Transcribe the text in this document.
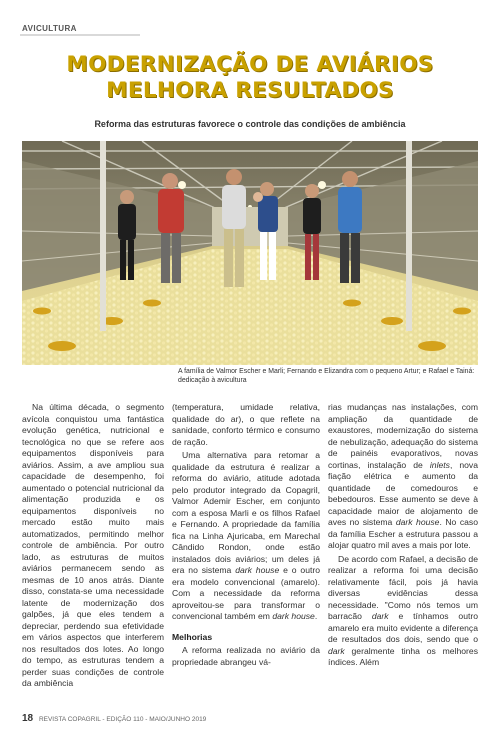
AVICULTURA
MODERNIZAÇÃO DE AVIÁRIOS
MELHORA RESULTADOS
Reforma das estruturas favorece o controle das condições de ambiência
A família de Valmor Escher e Marli; Fernando e Elizandra com o pequeno Artur; e Rafael e Tainá: dedicação à avicultura

Na última década, o segmento avícola conquistou uma fantástica evolução genética, nutricional e tecnológica no que se refere aos equipamentos disponíveis para aviários. Assim, a ave ampliou sua capacidade de desempenho, foi aumentado o potencial nutricional da alimentação produzida e os equipamentos disponíveis no mercado estão muito mais automatizados, permitindo melhor controle de ambiência. Por outro lado, as estruturas de muitos aviários permanecem sendo as mesmas de 10 anos atrás. Diante disso, constata-se uma necessidade latente de modernização dos galpões, já que eles tendem a depreciar, perdendo sua efetividade em vários aspectos que interferem nos resultados dos lotes. Ao longo do tempo, as estruturas tendem a perder suas condições de controle da ambiência

(temperatura, umidade relativa, qualidade do ar), o que reflete na sanidade, conforto térmico e consumo de ração.

Uma alternativa para retomar a qualidade da estrutura é realizar a reforma do aviário, atitude adotada pelo produtor integrado da Copagril, Valmor Ademir Escher, em conjunto com a esposa Marli e os filhos Rafael e Fernando. A propriedade da família fica na Linha Ajuricaba, em Marechal Cândido Rondon, onde estão instalados dois aviários; um deles já era no sistema dark house e o outro era modelo convencional (amarelo). Com a necessidade da reforma aproveitou-se para transformar o convencional também em dark house.

Melhorias

A reforma realizada no aviário da propriedade abrangeu vá-

rias mudanças nas instalações, com ampliação da quantidade de exaustores, modernização do sistema de nebulização, adequação do sistema de painéis evaporativos, novas cortinas, instalação de inlets, nova fiação elétrica e aumento da quantidade de comedouros e bebedouros. Esse aumento se deve à capacidade maior de alojamento de aves no sistema dark house. No caso da família Escher a estrutura passou a alojar quatro mil aves a mais por lote.

De acordo com Rafael, a decisão de realizar a reforma foi uma decisão relativamente fácil, pois já havia diversas evidências dessa necessidade. "Como nós temos um barracão dark e tínhamos outro amarelo era muito evidente a diferença de resultados dos dois, sendo que o dark geralmente tinha os melhores índices. Além

18 REVISTA COPAGRIL - EDIÇÃO 110 - MAIO/JUNHO 2019
